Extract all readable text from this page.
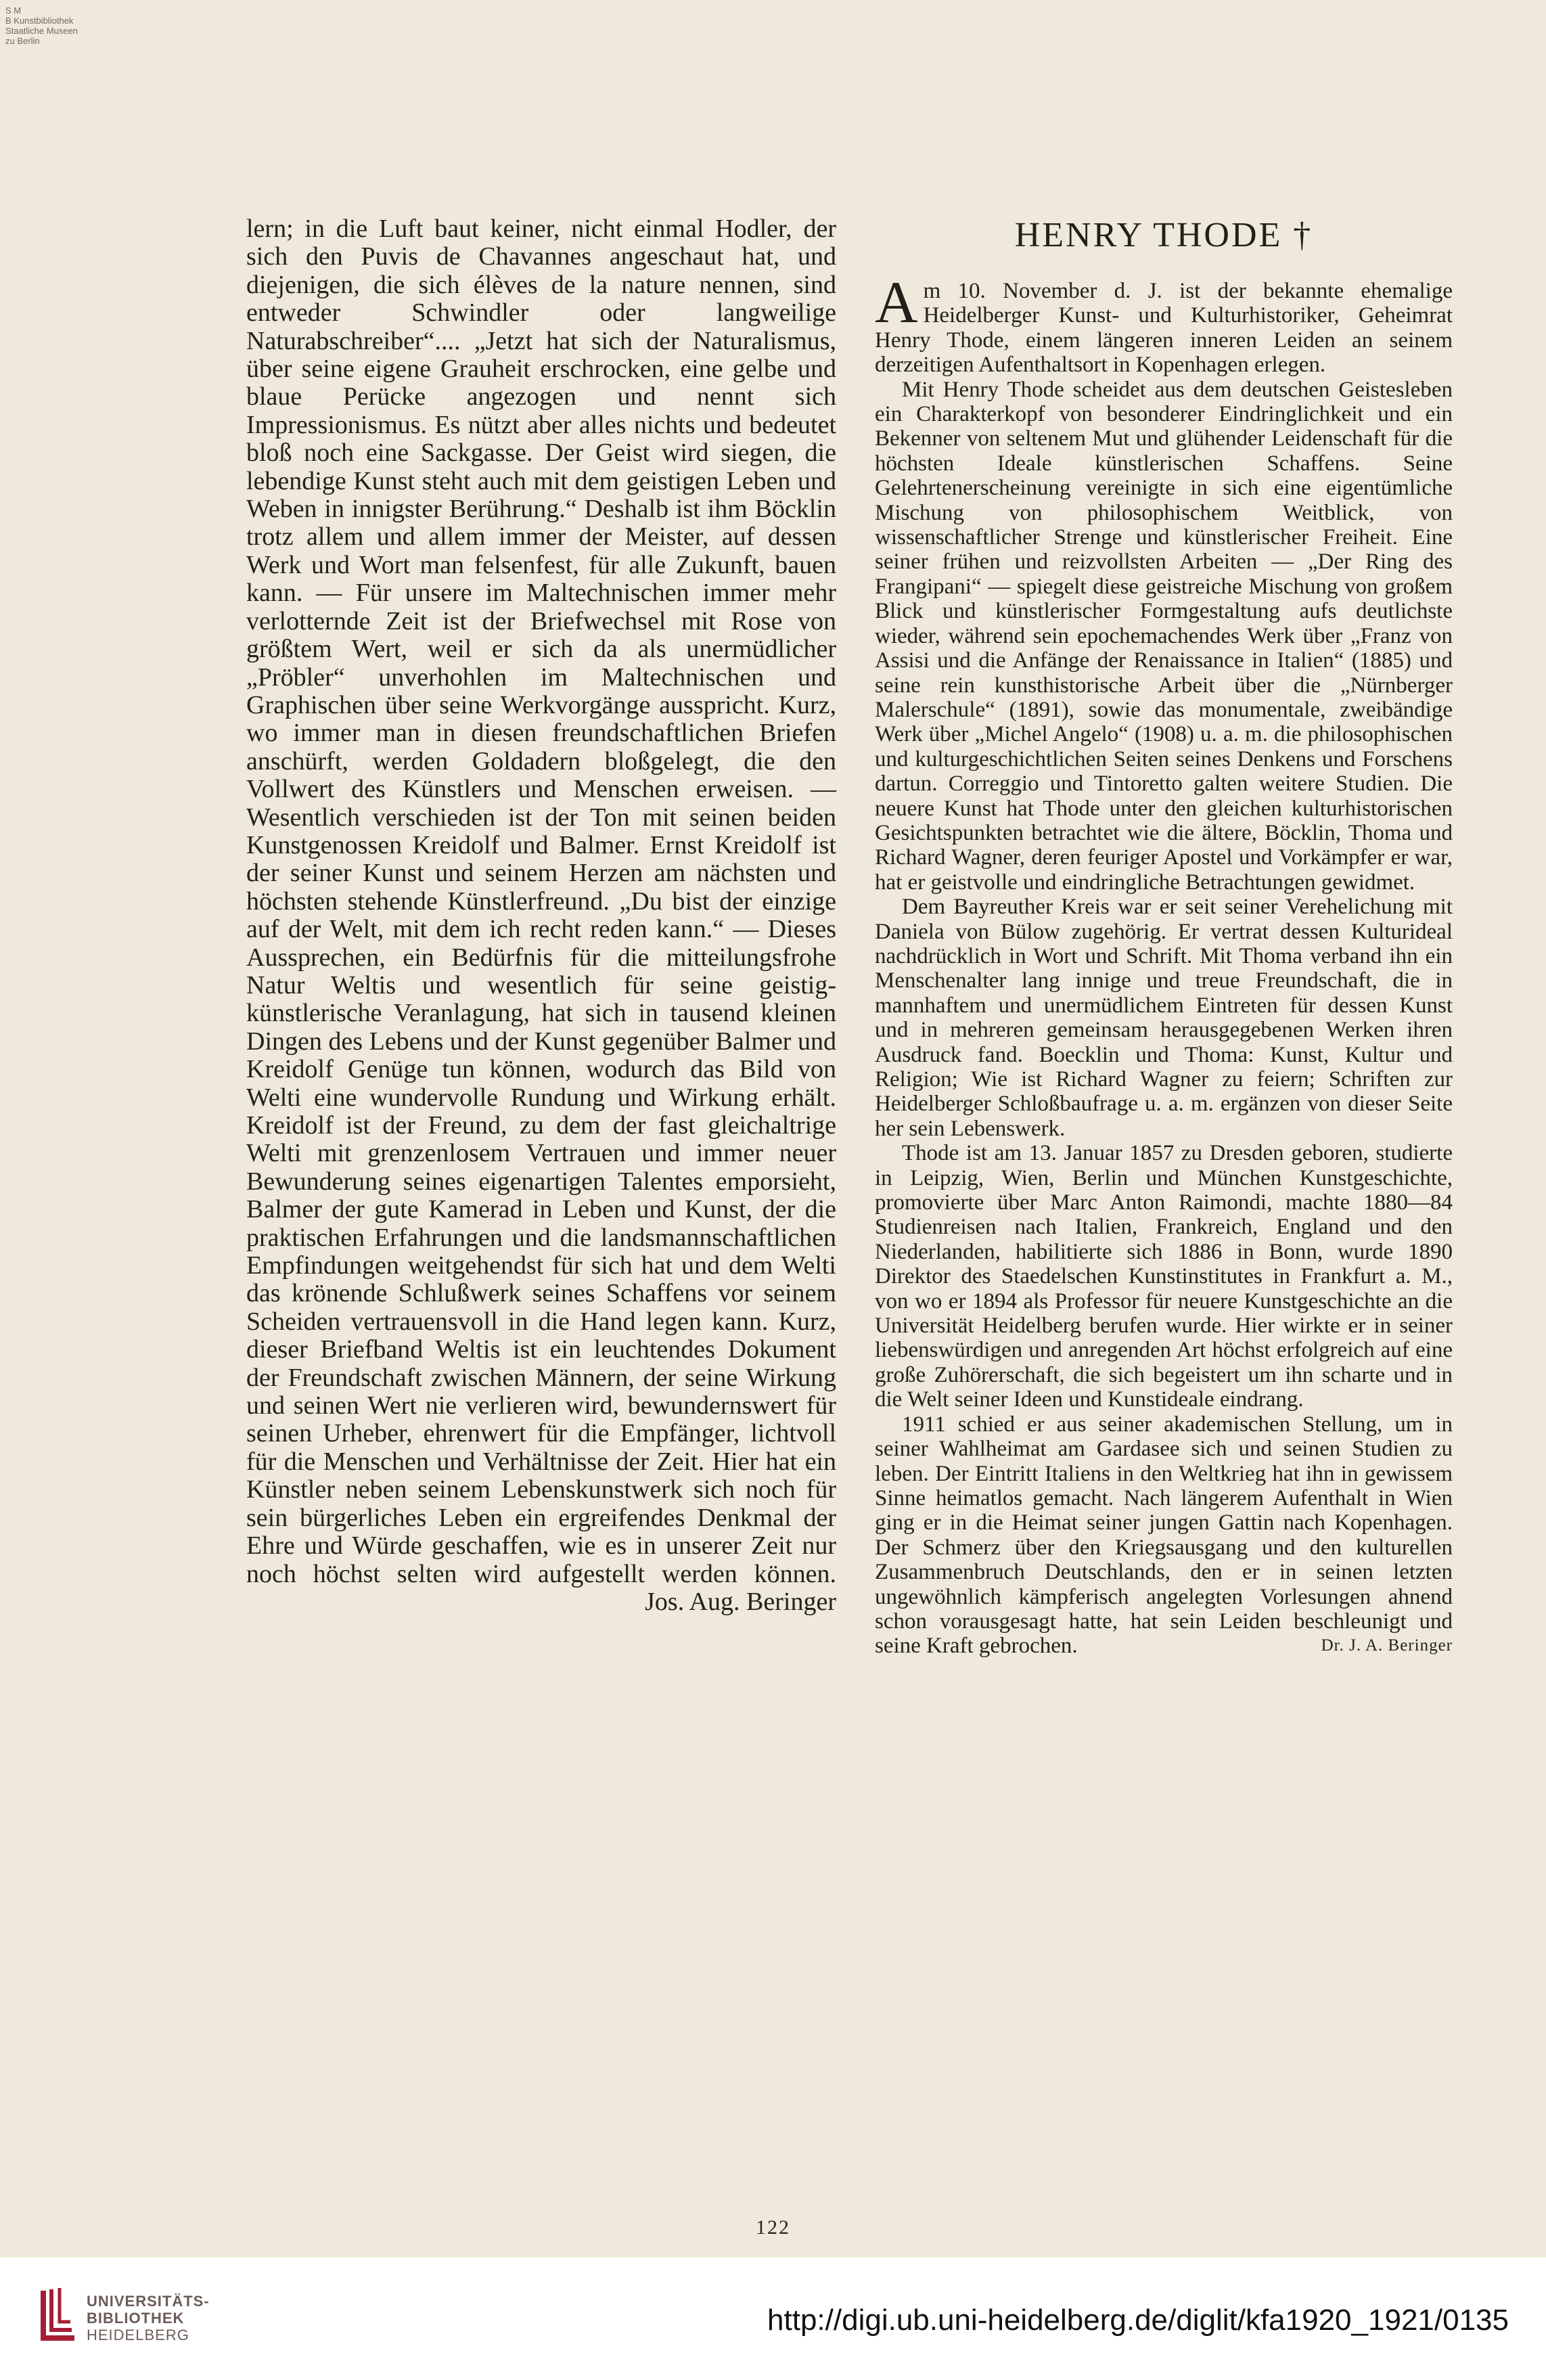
S M
B Kunstbibliothek
Staatliche Museen
zu Berlin

lern; in die Luft baut keiner, nicht einmal Hodler, der sich den Puvis de Chavannes angeschaut hat, und diejenigen, die sich élèves de la nature nennen, sind entweder Schwindler oder langweilige Naturabschreiber“.... „Jetzt hat sich der Naturalismus, über seine eigene Grauheit erschrocken, eine gelbe und blaue Perücke angezogen und nennt sich Impressionismus. Es nützt aber alles nichts und bedeutet bloß noch eine Sackgasse. Der Geist wird siegen, die lebendige Kunst steht auch mit dem geistigen Leben und Weben in innigster Berührung.“ Deshalb ist ihm Böcklin trotz allem und allem immer der Meister, auf dessen Werk und Wort man felsenfest, für alle Zukunft, bauen kann. — Für unsere im Maltechnischen immer mehr verlotternde Zeit ist der Briefwechsel mit Rose von größtem Wert, weil er sich da als unermüdlicher „Pröbler“ unverhohlen im Maltechnischen und Graphischen über seine Werkvorgänge ausspricht. Kurz, wo immer man in diesen freundschaftlichen Briefen anschürft, werden Goldadern bloßgelegt, die den Vollwert des Künstlers und Menschen erweisen. — Wesentlich verschieden ist der Ton mit seinen beiden Kunstgenossen Kreidolf und Balmer. Ernst Kreidolf ist der seiner Kunst und seinem Herzen am nächsten und höchsten stehende Künstlerfreund. „Du bist der einzige auf der Welt, mit dem ich recht reden kann.“ — Dieses Aussprechen, ein Bedürfnis für die mitteilungsfrohe Natur Weltis und wesentlich für seine geistig-künstlerische Veranlagung, hat sich in tausend kleinen Dingen des Lebens und der Kunst gegenüber Balmer und Kreidolf Genüge tun können, wodurch das Bild von Welti eine wundervolle Rundung und Wirkung erhält. Kreidolf ist der Freund, zu dem der fast gleichaltrige Welti mit grenzenlosem Vertrauen und immer neuer Bewunderung seines eigenartigen Talentes emporsieht, Balmer der gute Kamerad in Leben und Kunst, der die praktischen Erfahrungen und die landsmannschaftlichen Empfindungen weitgehendst für sich hat und dem Welti das krönende Schlußwerk seines Schaffens vor seinem Scheiden vertrauensvoll in die Hand legen kann. Kurz, dieser Briefband Weltis ist ein leuchtendes Dokument der Freundschaft zwischen Männern, der seine Wirkung und seinen Wert nie verlieren wird, bewundernswert für seinen Urheber, ehrenwert für die Empfänger, lichtvoll für die Menschen und Verhältnisse der Zeit. Hier hat ein Künstler neben seinem Lebenskunstwerk sich noch für sein bürgerliches Leben ein ergreifendes Denkmal der Ehre und Würde geschaffen, wie es in unserer Zeit nur noch höchst selten wird aufgestellt werden können.
Jos. Aug. Beringer

HENRY THODE †

Am 10. November d. J. ist der bekannte ehemalige Heidelberger Kunst- und Kulturhistoriker, Geheimrat Henry Thode, einem längeren inneren Leiden an seinem derzeitigen Aufenthaltsort in Kopenhagen erlegen.

Mit Henry Thode scheidet aus dem deutschen Geistesleben ein Charakterkopf von besonderer Eindringlichkeit und ein Bekenner von seltenem Mut und glühender Leidenschaft für die höchsten Ideale künstlerischen Schaffens. Seine Gelehrtenerscheinung vereinigte in sich eine eigentümliche Mischung von philosophischem Weitblick, von wissenschaftlicher Strenge und künstlerischer Freiheit. Eine seiner frühen und reizvollsten Arbeiten — „Der Ring des Frangipani“ — spiegelt diese geistreiche Mischung von großem Blick und künstlerischer Formgestaltung aufs deutlichste wieder, während sein epochemachendes Werk über „Franz von Assisi und die Anfänge der Renaissance in Italien“ (1885) und seine rein kunsthistorische Arbeit über die „Nürnberger Malerschule“ (1891), sowie das monumentale, zweibändige Werk über „Michel Angelo“ (1908) u. a. m. die philosophischen und kulturgeschichtlichen Seiten seines Denkens und Forschens dartun. Correggio und Tintoretto galten weitere Studien. Die neuere Kunst hat Thode unter den gleichen kulturhistorischen Gesichtspunkten betrachtet wie die ältere, Böcklin, Thoma und Richard Wagner, deren feuriger Apostel und Vorkämpfer er war, hat er geistvolle und eindringliche Betrachtungen gewidmet.

Dem Bayreuther Kreis war er seit seiner Verehelichung mit Daniela von Bülow zugehörig. Er vertrat dessen Kulturideal nachdrücklich in Wort und Schrift. Mit Thoma verband ihn ein Menschenalter lang innige und treue Freundschaft, die in mannhaftem und unermüdlichem Eintreten für dessen Kunst und in mehreren gemeinsam herausgegebenen Werken ihren Ausdruck fand. Boecklin und Thoma: Kunst, Kultur und Religion; Wie ist Richard Wagner zu feiern; Schriften zur Heidelberger Schloßbaufrage u. a. m. ergänzen von dieser Seite her sein Lebenswerk.

Thode ist am 13. Januar 1857 zu Dresden geboren, studierte in Leipzig, Wien, Berlin und München Kunstgeschichte, promovierte über Marc Anton Raimondi, machte 1880—84 Studienreisen nach Italien, Frankreich, England und den Niederlanden, habilitierte sich 1886 in Bonn, wurde 1890 Direktor des Staedelschen Kunstinstitutes in Frankfurt a. M., von wo er 1894 als Professor für neuere Kunstgeschichte an die Universität Heidelberg berufen wurde. Hier wirkte er in seiner liebenswürdigen und anregenden Art höchst erfolgreich auf eine große Zuhörerschaft, die sich begeistert um ihn scharte und in die Welt seiner Ideen und Kunstideale eindrang.

1911 schied er aus seiner akademischen Stellung, um in seiner Wahlheimat am Gardasee sich und seinen Studien zu leben. Der Eintritt Italiens in den Weltkrieg hat ihn in gewissem Sinne heimatlos gemacht. Nach längerem Aufenthalt in Wien ging er in die Heimat seiner jungen Gattin nach Kopenhagen. Der Schmerz über den Kriegsausgang und den kulturellen Zusammenbruch Deutschlands, den er in seinen letzten ungewöhnlich kämpferisch angelegten Vorlesungen ahnend schon vorausgesagt hatte, hat sein Leiden beschleunigt und seine Kraft gebrochen.	Dr. J. A. Beringer

122
UNIVERSITÄTS-
BIBLIOTHEK
HEIDELBERG	http://digi.ub.uni-heidelberg.de/diglit/kfa1920_1921/0135
